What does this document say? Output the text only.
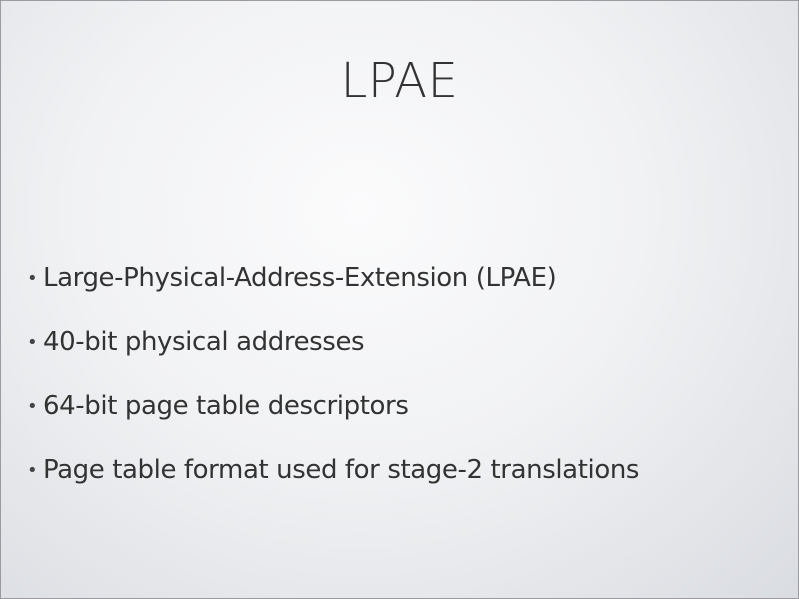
LPAE
• Large-Physical-Address-Extension (LPAE)
• 40-bit physical addresses
• 64-bit page table descriptors
• Page table format used for stage-2 translations
